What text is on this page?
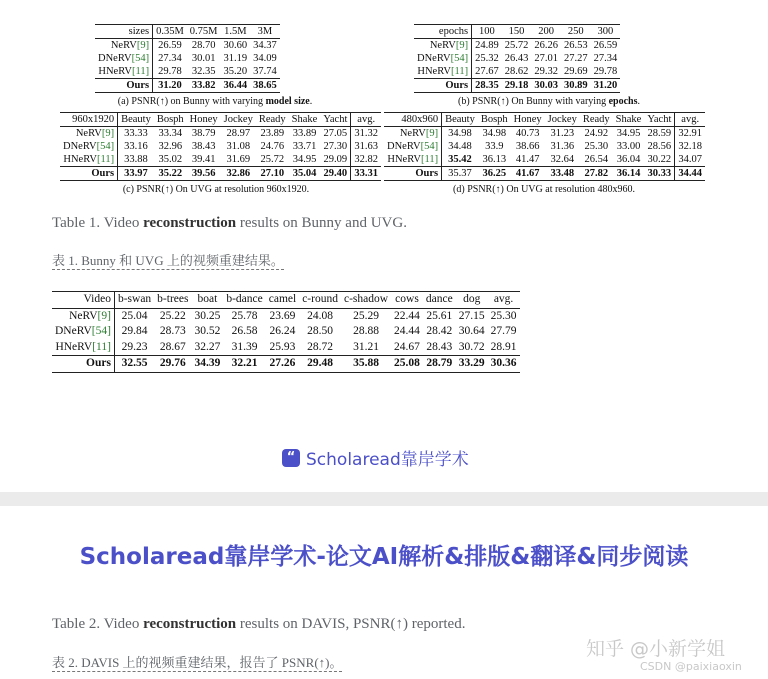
sizes	0.35M	0.75M	1.5M	3M
NeRV[9]	26.59	28.70	30.60	34.37
DNeRV[54]	27.34	30.01	31.19	34.09
HNeRV[11]	29.78	32.35	35.20	37.74
Ours	31.20	33.82	36.44	38.65
(a) PSNR(↑) on Bunny with varying model size.
epochs	100	150	200	250	300
NeRV[9]	24.89	25.72	26.26	26.53	26.59
DNeRV[54]	25.32	26.43	27.01	27.27	27.34
HNeRV[11]	27.67	28.62	29.32	29.69	29.78
Ours	28.35	29.18	30.03	30.89	31.20
(b) PSNR(↑) On Bunny with varying epochs.
960x1920	Beauty	Bosph	Honey	Jockey	Ready	Shake	Yacht	avg.
NeRV[9]	33.33	33.34	38.79	28.97	23.89	33.89	27.05	31.32
DNeRV[54]	33.16	32.96	38.43	31.08	24.76	33.71	27.30	31.63
HNeRV[11]	33.88	35.02	39.41	31.69	25.72	34.95	29.09	32.82
Ours	33.97	35.22	39.56	32.86	27.10	35.04	29.40	33.31
(c) PSNR(↑) On UVG at resolution 960x1920.
480x960	Beauty	Bosph	Honey	Jockey	Ready	Shake	Yacht	avg.
NeRV[9]	34.98	34.98	40.73	31.23	24.92	34.95	28.59	32.91
DNeRV[54]	34.48	33.9	38.66	31.36	25.30	33.00	28.56	32.18
HNeRV[11]	35.42	36.13	41.47	32.64	26.54	36.04	30.22	34.07
Ours	35.37	36.25	41.67	33.48	27.82	36.14	30.33	34.44
(d) PSNR(↑) On UVG at resolution 480x960.
Table 1. Video reconstruction results on Bunny and UVG.
表 1. Bunny 和 UVG 上的视频重建结果。
Video	b-swan	b-trees	boat	b-dance	camel	c-round	c-shadow	cows	dance	dog	avg.
NeRV[9]	25.04	25.22	30.25	25.78	23.69	24.08	25.29	22.44	25.61	27.15	25.30
DNeRV[54]	29.84	28.73	30.52	26.58	26.24	28.50	28.88	24.44	28.42	30.64	27.79
HNeRV[11]	29.23	28.67	32.27	31.39	25.93	28.72	31.21	24.67	28.43	30.72	28.91
Ours	32.55	29.76	34.39	32.21	27.26	29.48	35.88	25.08	28.79	33.29	30.36
“ Scholaread靠岸学术
Scholaread靠岸学术-论文AI解析&排版&翻译&同步阅读
Table 2. Video reconstruction results on DAVIS, PSNR(↑) reported.
表 2. DAVIS 上的视频重建结果，报告了 PSNR(↑)。
知乎 @小新学姐
CSDN @paixiaoxin
